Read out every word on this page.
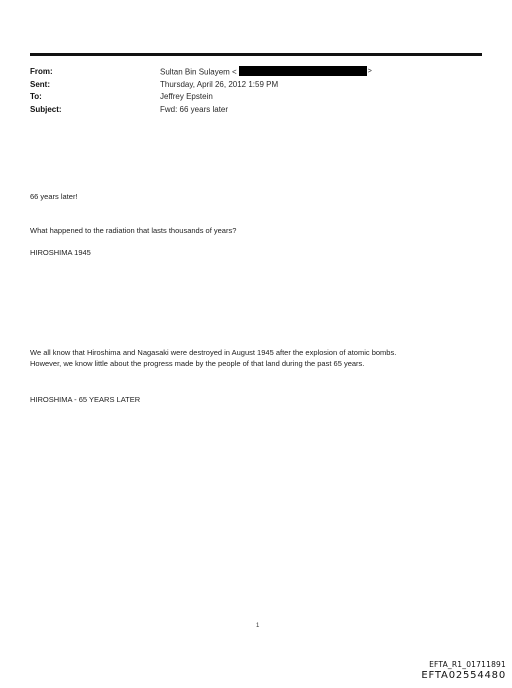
From:	Sultan Bin Sulayem <	>
Sent:	Thursday, April 26, 2012 1:59 PM
To:	Jeffrey Epstein
Subject:	Fwd: 66 years later
66 years later!
What happened to the radiation that lasts thousands of years?
HIROSHIMA 1945
We all know that Hiroshima and Nagasaki were destroyed in August 1945 after the explosion of atomic bombs.
However, we know little about the progress made by the people of that land during the past 65 years.
HIROSHIMA - 65 YEARS LATER
1
EFTA_R1_01711891
EFTA02554480
